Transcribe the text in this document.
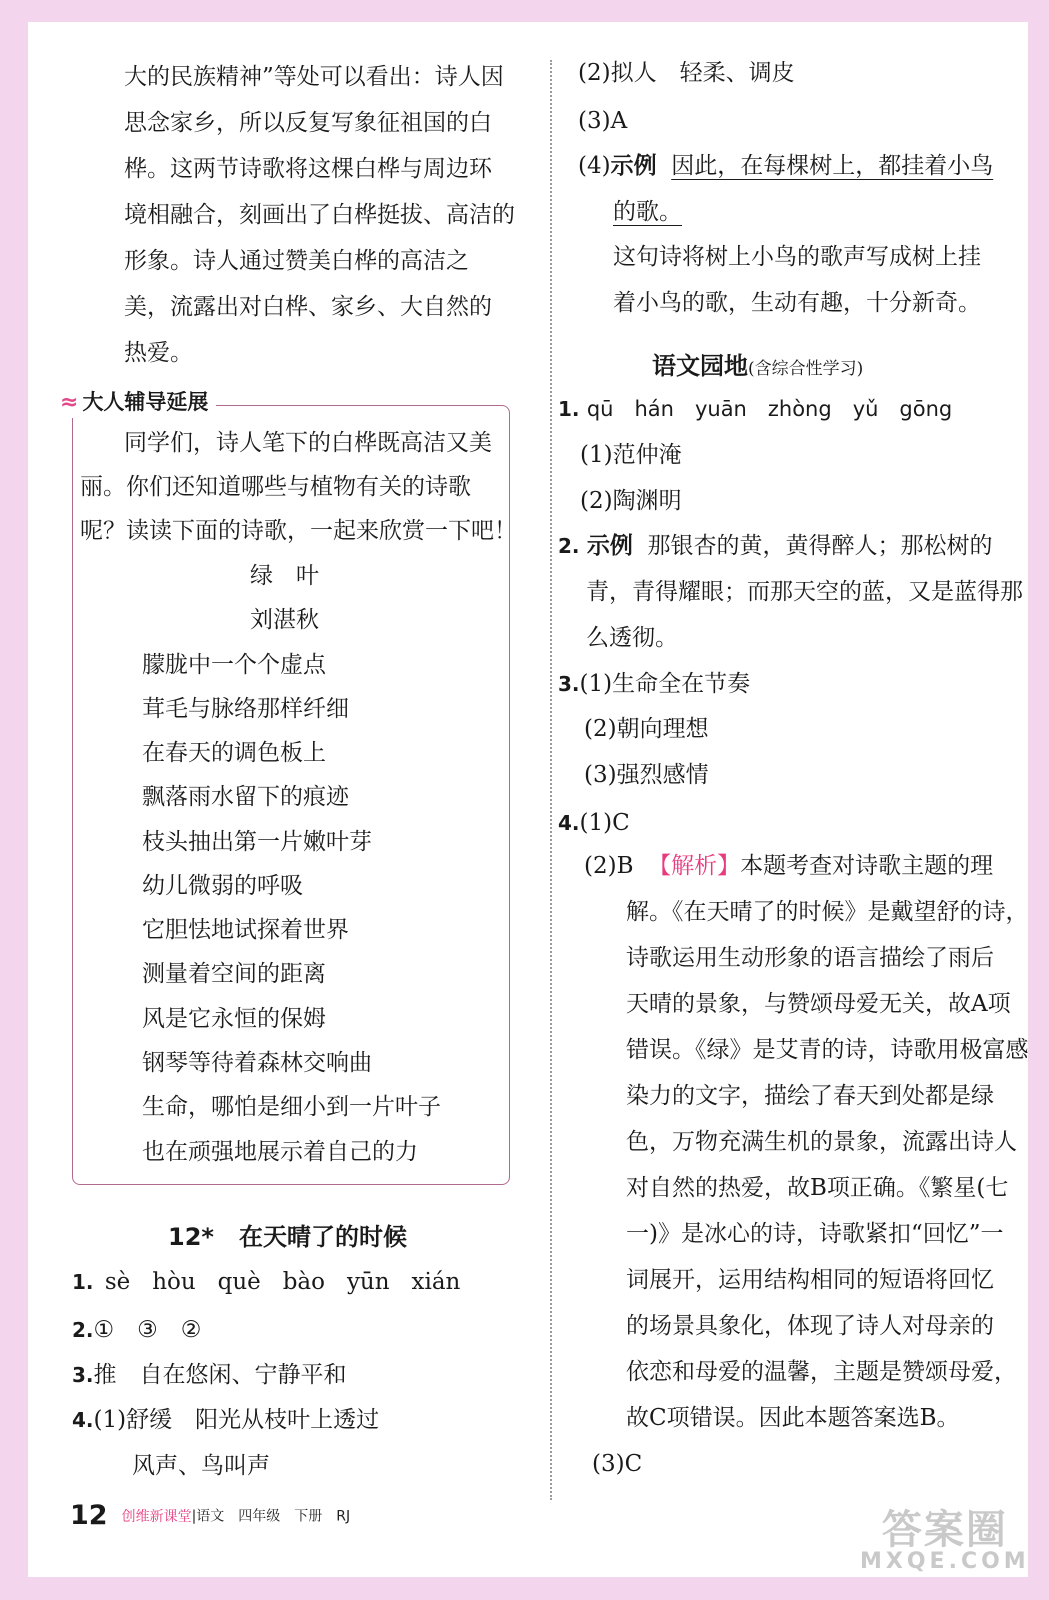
大的民族精神”等处可以看出：诗人因
思念家乡，所以反复写象征祖国的白
桦。这两节诗歌将这棵白桦与周边环
境相融合，刻画出了白桦挺拔、高洁的
形象。诗人通过赞美白桦的高洁之
美，流露出对白桦、家乡、大自然的
热爱。
≈ 大人辅导延展
同学们，诗人笔下的白桦既高洁又美
丽。你们还知道哪些与植物有关的诗歌
呢？读读下面的诗歌，一起来欣赏一下吧！
绿　叶
刘湛秋
朦胧中一个个虚点
茸毛与脉络那样纤细
在春天的调色板上
飘落雨水留下的痕迹
枝头抽出第一片嫩叶芽
幼儿微弱的呼吸
它胆怯地试探着世界
测量着空间的距离
风是它永恒的保姆
钢琴等待着森林交响曲
生命，哪怕是细小到一片叶子
也在顽强地展示着自己的力
12* 在天晴了的时候
1. sè hòu què bào yūn xián
2.①　③　②
3.推　自在悠闲、宁静平和
4.(1)舒缓　阳光从枝叶上透过
风声、鸟叫声
(2)拟人　轻柔、调皮
(3)A
(4)示例 因此，在每棵树上，都挂着小鸟
的歌。
这句诗将树上小鸟的歌声写成树上挂
着小鸟的歌，生动有趣，十分新奇。
语文园地(含综合性学习)
1. qū　hán　yuān　zhòng　yǔ　gōng
(1)范仲淹
(2)陶渊明
2. 示例 那银杏的黄，黄得醉人；那松树的
青，青得耀眼；而那天空的蓝，又是蓝得那
么透彻。
3.(1)生命全在节奏
(2)朝向理想
(3)强烈感情
4.(1)C
(2)B 【解析】本题考查对诗歌主题的理
解。《在天晴了的时候》是戴望舒的诗，
诗歌运用生动形象的语言描绘了雨后
天晴的景象，与赞颂母爱无关，故A项
错误。《绿》是艾青的诗，诗歌用极富感
染力的文字，描绘了春天到处都是绿
色，万物充满生机的景象，流露出诗人
对自然的热爱，故B项正确。《繁星(七
一)》是冰心的诗，诗歌紧扣“回忆”一
词展开，运用结构相同的短语将回忆
的场景具象化，体现了诗人对母亲的
依恋和母爱的温馨，主题是赞颂母爱，
故C项错误。因此本题答案选B。
(3)C
12 创维新课堂|语文　四年级　下册　RJ	答案圈
MXQE.COM
